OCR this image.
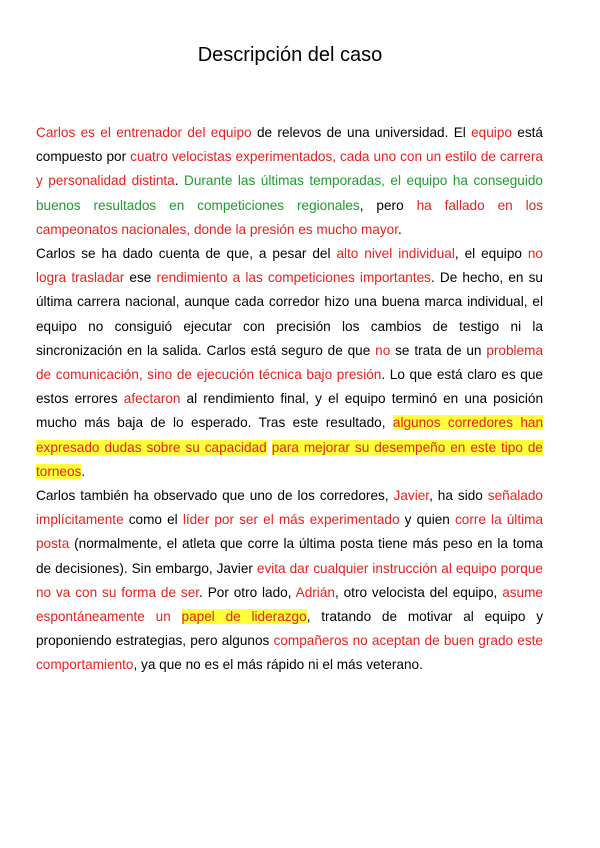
Descripción del caso

Carlos es el entrenador del equipo de relevos de una universidad. El equipo está compuesto por cuatro velocistas experimentados, cada uno con un estilo de carrera y personalidad distinta. Durante las últimas temporadas, el equipo ha conseguido buenos resultados en competiciones regionales, pero ha fallado en los campeonatos nacionales, donde la presión es mucho mayor.

Carlos se ha dado cuenta de que, a pesar del alto nivel individual, el equipo no logra trasladar ese rendimiento a las competiciones importantes. De hecho, en su última carrera nacional, aunque cada corredor hizo una buena marca individual, el equipo no consiguió ejecutar con precisión los cambios de testigo ni la sincronización en la salida. Carlos está seguro de que no se trata de un problema de comunicación, sino de ejecución técnica bajo presión. Lo que está claro es que estos errores afectaron al rendimiento final, y el equipo terminó en una posición mucho más baja de lo esperado. Tras este resultado, algunos corredores han expresado dudas sobre su capacidad para mejorar su desempeño en este tipo de torneos.

Carlos también ha observado que uno de los corredores, Javier, ha sido señalado implícitamente como el líder por ser el más experimentado y quien corre la última posta (normalmente, el atleta que corre la última posta tiene más peso en la toma de decisiones). Sin embargo, Javier evita dar cualquier instrucción al equipo porque no va con su forma de ser. Por otro lado, Adrián, otro velocista del equipo, asume espontáneamente un papel de liderazgo, tratando de motivar al equipo y proponiendo estrategias, pero algunos compañeros no aceptan de buen grado este comportamiento, ya que no es el más rápido ni el más veterano.
